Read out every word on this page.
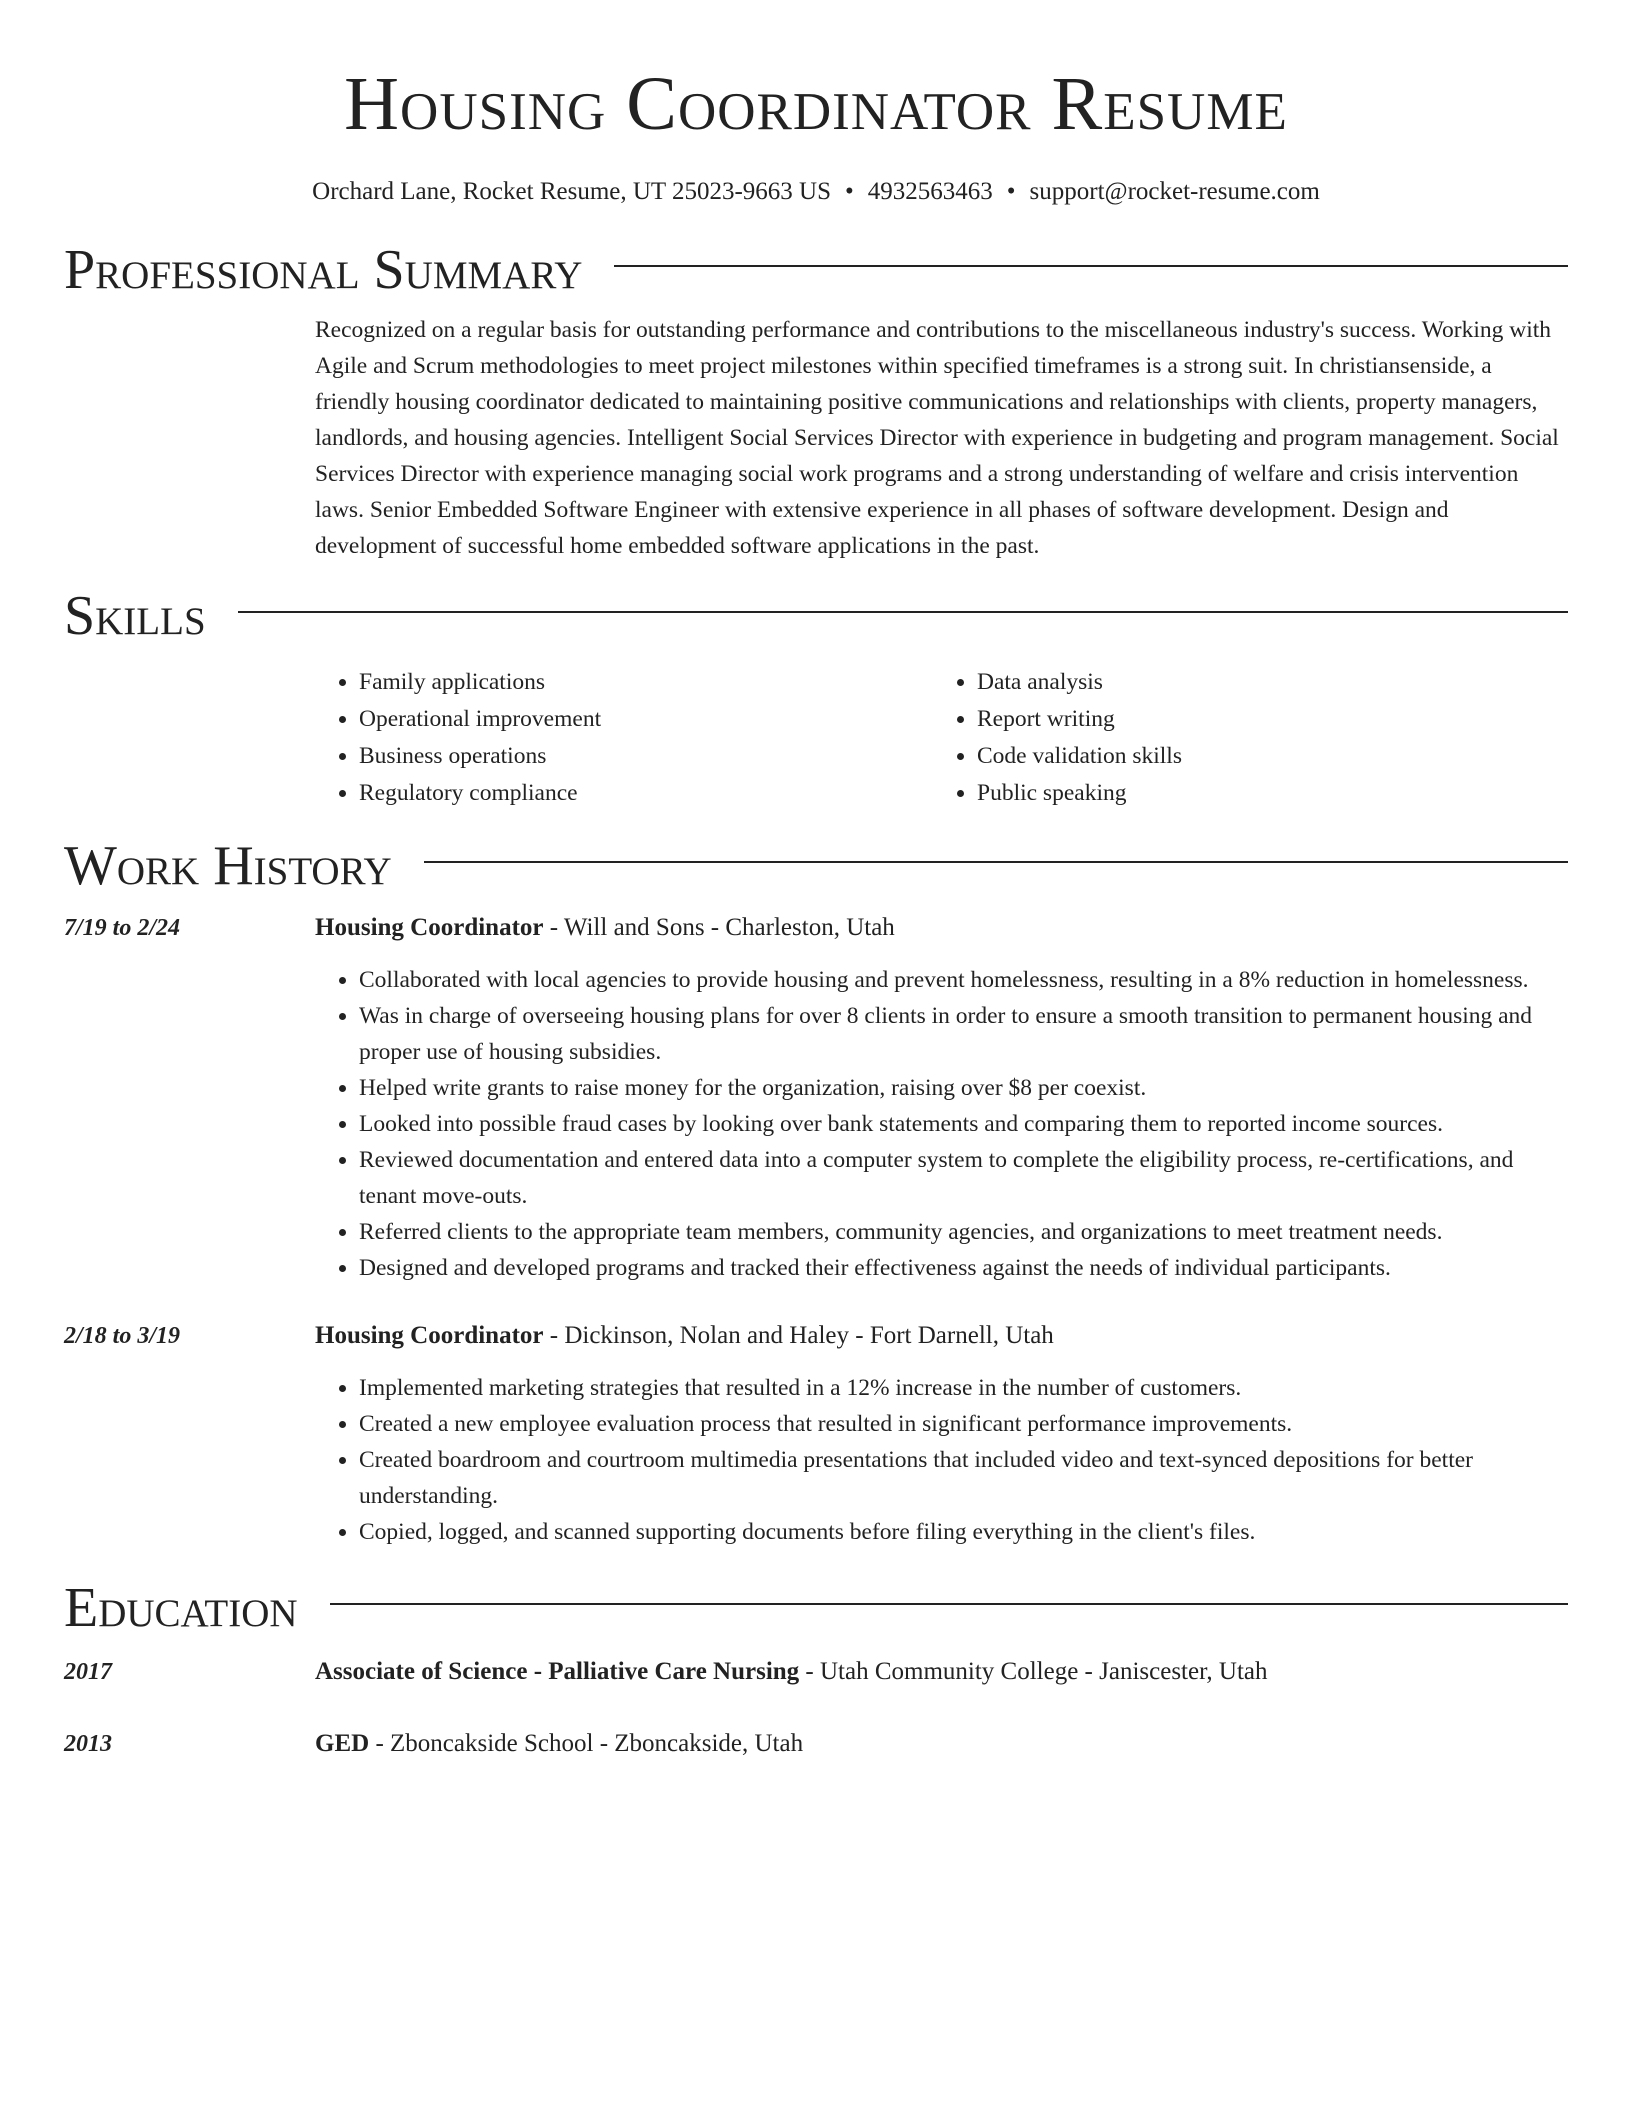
Housing Coordinator Resume
Orchard Lane, Rocket Resume, UT 25023-9663 US • 4932563463 • support@rocket-resume.com
Professional Summary

Recognized on a regular basis for outstanding performance and contributions to the miscellaneous industry's success. Working with Agile and Scrum methodologies to meet project milestones within specified timeframes is a strong suit. In christiansenside, a friendly housing coordinator dedicated to maintaining positive communications and relationships with clients, property managers, landlords, and housing agencies. Intelligent Social Services Director with experience in budgeting and program management. Social Services Director with experience managing social work programs and a strong understanding of welfare and crisis intervention laws. Senior Embedded Software Engineer with extensive experience in all phases of software development. Design and development of successful home embedded software applications in the past.

Skills
• Family applications
• Operational improvement
• Business operations
• Regulatory compliance
• Data analysis
• Report writing
• Code validation skills
• Public speaking
Work History
7/19 to 2/24	Housing Coordinator - Will and Sons - Charleston, Utah
• Collaborated with local agencies to provide housing and prevent homelessness, resulting in a 8% reduction in homelessness.
• Was in charge of overseeing housing plans for over 8 clients in order to ensure a smooth transition to permanent housing and proper use of housing subsidies.
• Helped write grants to raise money for the organization, raising over $8 per coexist.
• Looked into possible fraud cases by looking over bank statements and comparing them to reported income sources.
• Reviewed documentation and entered data into a computer system to complete the eligibility process, re-certifications, and tenant move-outs.
• Referred clients to the appropriate team members, community agencies, and organizations to meet treatment needs.
• Designed and developed programs and tracked their effectiveness against the needs of individual participants.
2/18 to 3/19	Housing Coordinator - Dickinson, Nolan and Haley - Fort Darnell, Utah
• Implemented marketing strategies that resulted in a 12% increase in the number of customers.
• Created a new employee evaluation process that resulted in significant performance improvements.
• Created boardroom and courtroom multimedia presentations that included video and text-synced depositions for better understanding.
• Copied, logged, and scanned supporting documents before filing everything in the client's files.
Education
2017	Associate of Science - Palliative Care Nursing - Utah Community College - Janiscester, Utah
2013	GED - Zboncakside School - Zboncakside, Utah
